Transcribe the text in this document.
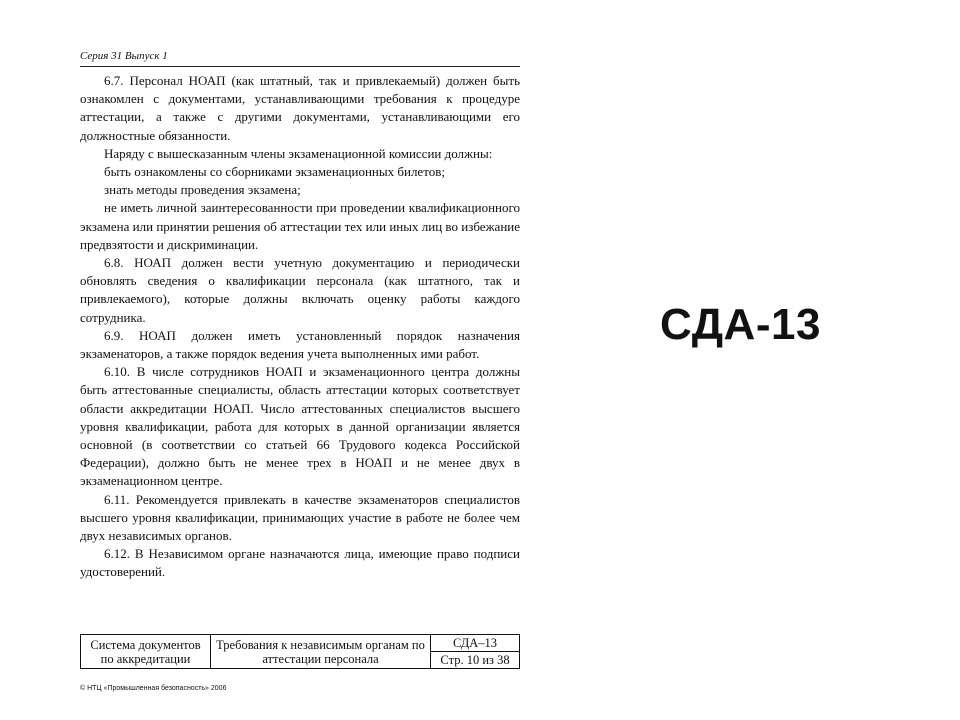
Серия 31 Выпуск 1

6.7. Персонал НОАП (как штатный, так и привлекаемый) должен быть ознакомлен с документами, устанавливающими требования к процедуре аттестации, а также с другими документами, устанавливающими его должностные обязанности.

Наряду с вышесказанным члены экзаменационной комиссии должны:

быть ознакомлены со сборниками экзаменационных билетов;

знать методы проведения экзамена;

не иметь личной заинтересованности при проведении квалификационного экзамена или принятии решения об аттестации тех или иных лиц во избежание предвзятости и дискриминации.

6.8. НОАП должен вести учетную документацию и периодически обновлять сведения о квалификации персонала (как штатного, так и привлекаемого), которые должны включать оценку работы каждого сотрудника.

6.9. НОАП должен иметь установленный порядок назначения экзаменаторов, а также порядок ведения учета выполненных ими работ.

6.10. В числе сотрудников НОАП и экзаменационного центра должны быть аттестованные специалисты, область аттестации которых соответствует области аккредитации НОАП. Число аттестованных специалистов высшего уровня квалификации, работа для которых в данной организации является основной (в соответствии со статьей 66 Трудового кодекса Российской Федерации), должно быть не менее трех в НОАП и не менее двух в экзаменационном центре.

6.11. Рекомендуется привлекать в качестве экзаменаторов специалистов высшего уровня квалификации, принимающих участие в работе не более чем двух независимых органов.

6.12. В Независимом органе назначаются лица, имеющие право подписи удостоверений.

Система документов по аккредитации	Требования к независимым органам по аттестации персонала	СДА–13
Стр. 10 из 38
© НТЦ «Промышленная безопасность» 2006
СДА-13
